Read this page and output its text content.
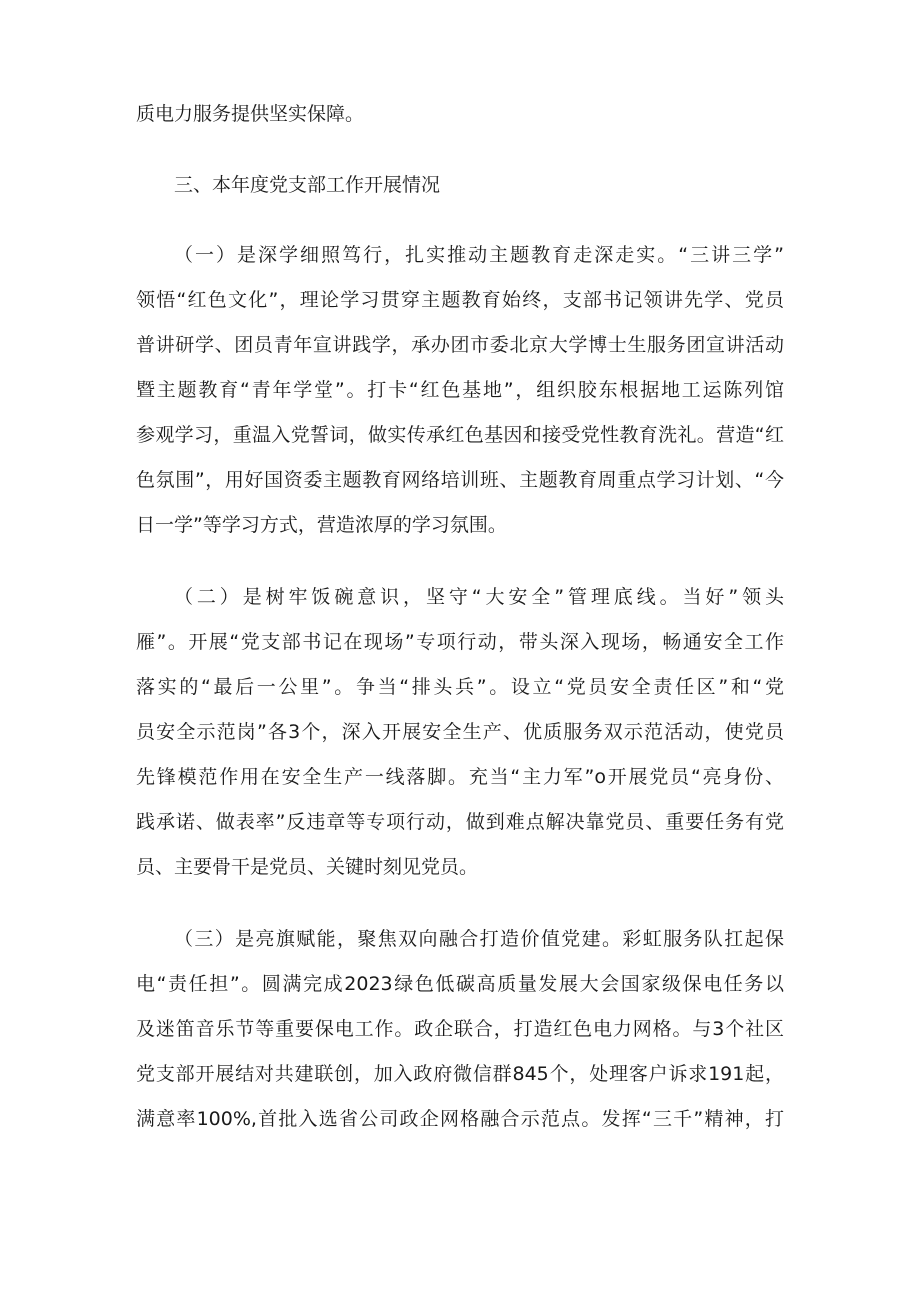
质电力服务提供坚实保障。
三、本年度党支部工作开展情况
（一）是深学细照笃行，扎实推动主题教育走深走实。“三讲三学”
领悟“红色文化”，理论学习贯穿主题教育始终，支部书记领讲先学、党员
普讲研学、团员青年宣讲践学，承办团市委北京大学博士生服务团宣讲活动
暨主题教育“青年学堂”。打卡“红色基地”，组织胶东根据地工运陈列馆
参观学习，重温入党誓词，做实传承红色基因和接受党性教育洗礼。营造“红
色氛围”，用好国资委主题教育网络培训班、主题教育周重点学习计划、“今
日一学”等学习方式，营造浓厚的学习氛围。
（二）是树牢饭碗意识，坚守“大安全”管理底线。当好”领头
雁”。开展“党支部书记在现场”专项行动，带头深入现场，畅通安全工作
落实的“最后一公里”。争当“排头兵”。设立“党员安全责任区”和“党
员安全示范岗”各3个，深入开展安全生产、优质服务双示范活动，使党员
先锋模范作用在安全生产一线落脚。充当“主力军”o开展党员“亮身份、
践承诺、做表率”反违章等专项行动，做到难点解决靠党员、重要任务有党
员、主要骨干是党员、关键时刻见党员。
（三）是亮旗赋能，聚焦双向融合打造价值党建。彩虹服务队扛起保
电“责任担”。圆满完成2023绿色低碳高质量发展大会国家级保电任务以
及迷笛音乐节等重要保电工作。政企联合，打造红色电力网格。与3个社区
党支部开展结对共建联创，加入政府微信群845个，处理客户诉求191起，
满意率100%,首批入选省公司政企网格融合示范点。发挥“三千”精神，打
